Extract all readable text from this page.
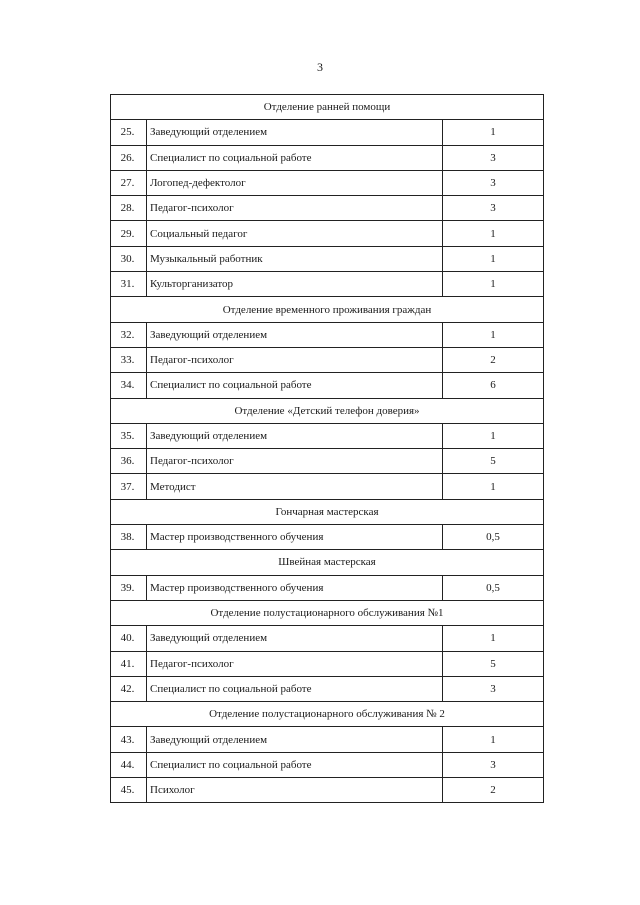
3
Отделение ранней помощи		
25.	Заведующий отделением	1
26.	Специалист по социальной работе	3
27.	Логопед-дефектолог	3
28.	Педагог-психолог	3
29.	Социальный педагог	1
30.	Музыкальный работник	1
31.	Культорганизатор	1
Отделение временного проживания граждан		
32.	Заведующий отделением	1
33.	Педагог-психолог	2
34.	Специалист по социальной работе	6
Отделение «Детский телефон доверия»		
35.	Заведующий отделением	1
36.	Педагог-психолог	5
37.	Методист	1
Гончарная мастерская		
38.	Мастер производственного обучения	0,5
Швейная мастерская		
39.	Мастер производственного обучения	0,5
Отделение полустационарного обслуживания №1		
40.	Заведующий отделением	1
41.	Педагог-психолог	5
42.	Специалист по социальной работе	3
Отделение полустационарного обслуживания № 2		
43.	Заведующий отделением	1
44.	Специалист по социальной работе	3
45.	Психолог	2
